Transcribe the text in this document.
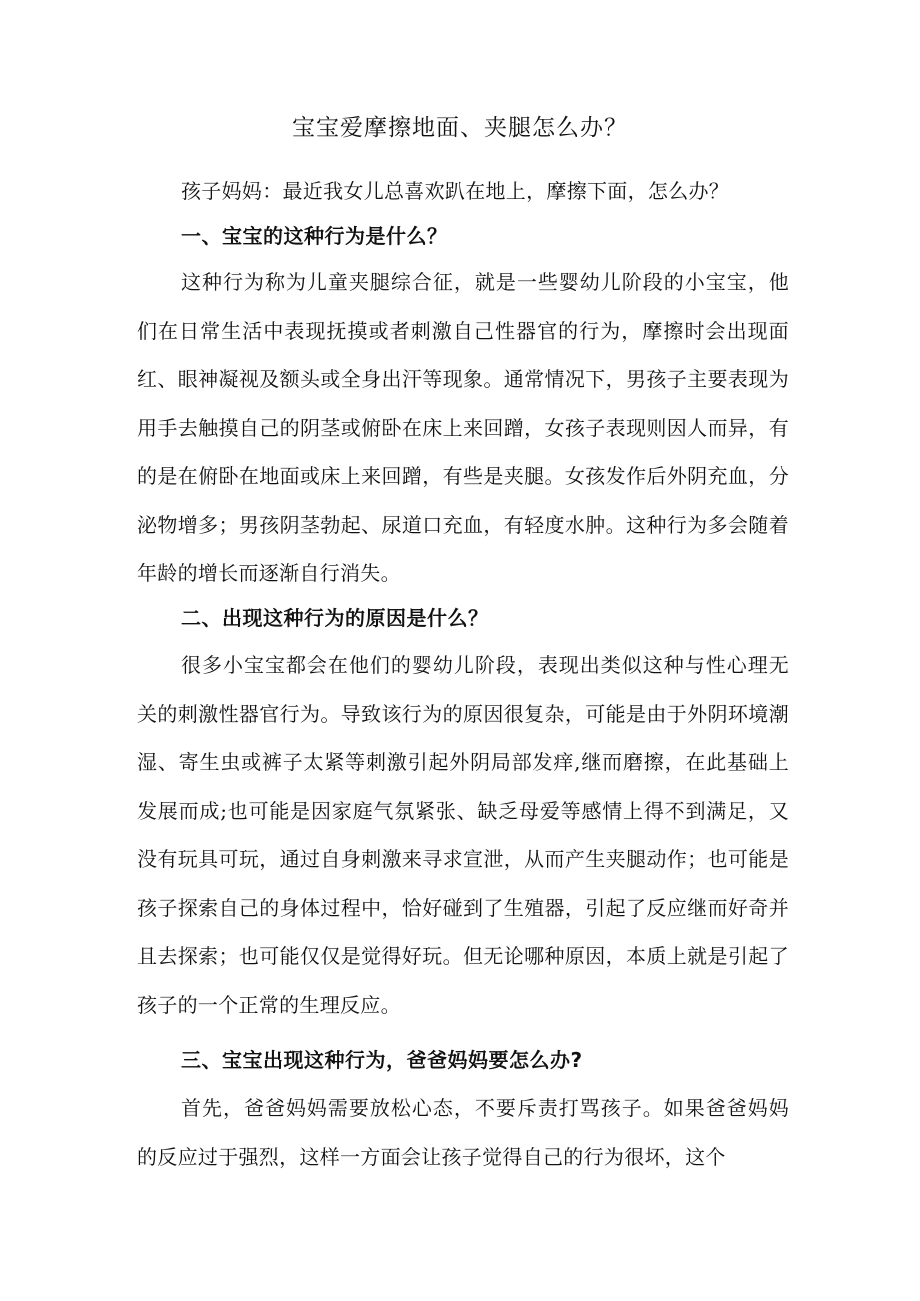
宝宝爱摩擦地面、夹腿怎么办？

孩子妈妈：最近我女儿总喜欢趴在地上，摩擦下面，怎么办？

一、宝宝的这种行为是什么？

这种行为称为儿童夹腿综合征，就是一些婴幼儿阶段的小宝宝，他们在日常生活中表现抚摸或者刺激自己性器官的行为，摩擦时会出现面红、眼神凝视及额头或全身出汗等现象。通常情况下，男孩子主要表现为用手去触摸自己的阴茎或俯卧在床上来回蹭，女孩子表现则因人而异，有的是在俯卧在地面或床上来回蹭，有些是夹腿。女孩发作后外阴充血，分泌物增多；男孩阴茎勃起、尿道口充血，有轻度水肿。这种行为多会随着年龄的增长而逐渐自行消失。

二、出现这种行为的原因是什么？

很多小宝宝都会在他们的婴幼儿阶段，表现出类似这种与性心理无关的刺激性器官行为。导致该行为的原因很复杂，可能是由于外阴环境潮湿、寄生虫或裤子太紧等刺激引起外阴局部发痒,继而磨擦，在此基础上发展而成;也可能是因家庭气氛紧张、缺乏母爱等感情上得不到满足，又没有玩具可玩，通过自身刺激来寻求宣泄，从而产生夹腿动作；也可能是孩子探索自己的身体过程中，恰好碰到了生殖器，引起了反应继而好奇并且去探索；也可能仅仅是觉得好玩。但无论哪种原因，本质上就是引起了孩子的一个正常的生理反应。

三、宝宝出现这种行为，爸爸妈妈要怎么办?

首先，爸爸妈妈需要放松心态，不要斥责打骂孩子。如果爸爸妈妈的反应过于强烈，这样一方面会让孩子觉得自己的行为很坏，这个
